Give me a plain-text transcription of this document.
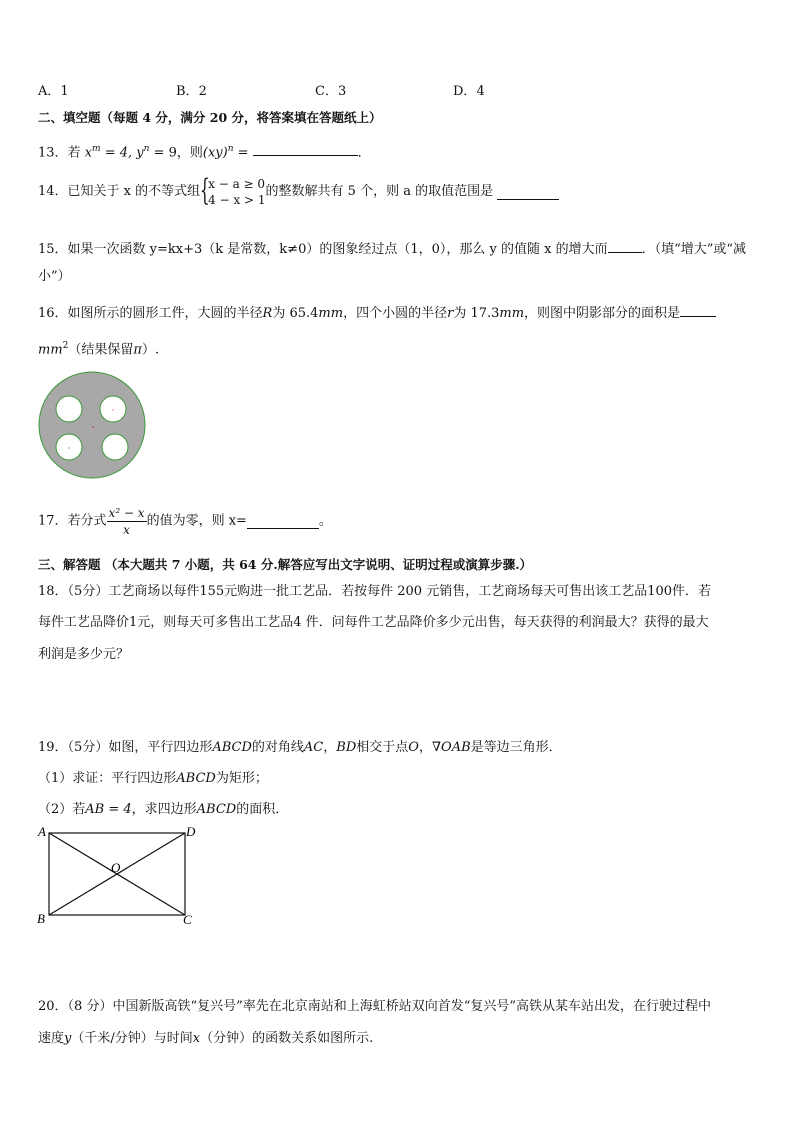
A．1	B．2	C．3	D．4
二、填空题（每题 4 分，满分 20 分，将答案填在答题纸上）
13．若 $x^m = 4$, $y^n = 9$，则(xy)$^n$ =	．
14．已知关于 x 的不等式组 {
x − a ≥ 0
4 − x > 1
的整数解共有 5 个，则 a 的取值范围是
15．如果一次函数 y=kx+3（k 是常数，k≠0）的图象经过点（1，0），那么 y 的值随 x 的增大而	．（填“增大”或“减
小”）
16．如图所示的圆形工件，大圆的半径R为 65.4mm，四个小圆的半径r为 17.3mm，则图中阴影部分的面积是
$mm^2$（结果保留π）.
17．若分式 $\frac{\text{x² − x}}{x}$ 的值为零，则 x=	。
三、解答题 （本大题共 7 小题，共 64 分.解答应写出文字说明、证明过程或演算步骤.）
18．（5分）工艺商场以每件155元购进一批工艺品．若按每件 200 元销售，工艺商场每天可售出该工艺品100件．若
每件工艺品降价1元，则每天可多售出工艺品4 件．问每件工艺品降价多少元出售，每天获得的利润最大？获得的最大
利润是多少元？
19．（5分）如图，平行四边形ABCD的对角线AC，BD相交于点O，∇OAB是等边三角形．
（1）求证：平行四边形ABCD为矩形；
（2）若AB = 4，求四边形ABCD的面积．
A	D
B	C
O
20．（8 分）中国新版高铁“复兴号”率先在北京南站和上海虹桥站双向首发“复兴号”高铁从某车站出发，在行驶过程中
速度y（千米/分钟）与时间x（分钟）的函数关系如图所示.
